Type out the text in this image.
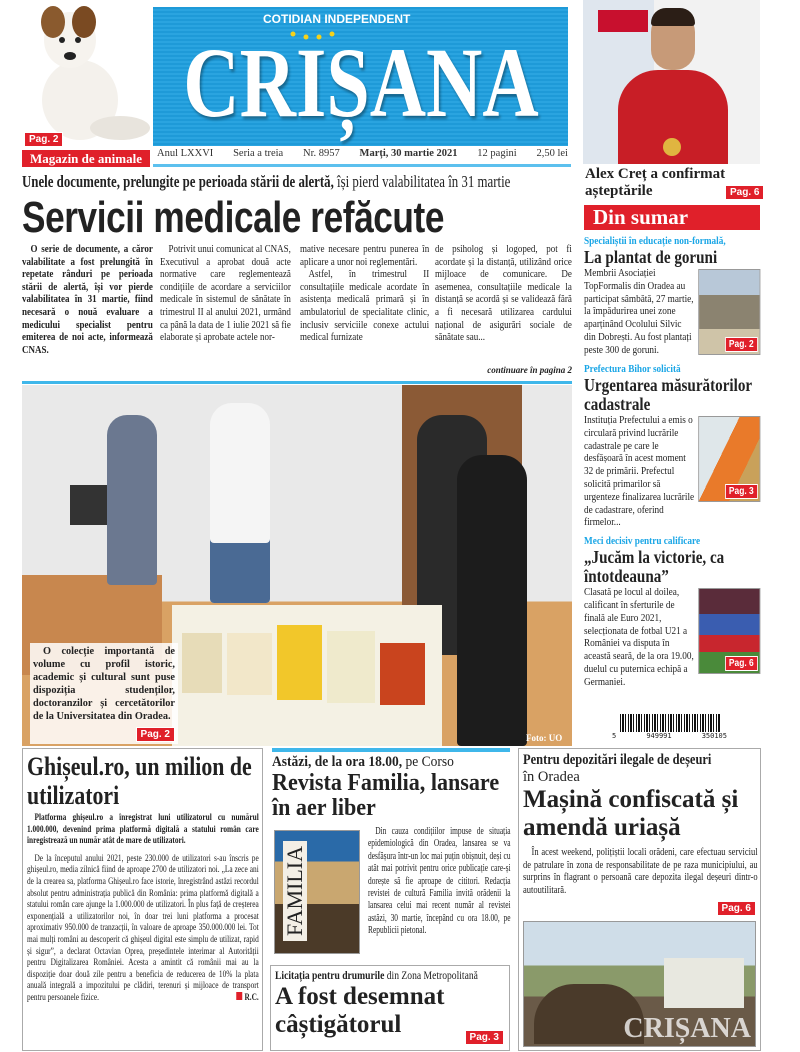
Pag. 2
Magazin de animale
COTIDIAN INDEPENDENT
CRIȘANA
Anul LXXVI Seria a treia Nr. 8957 Marți, 30 martie 2021 12 pagini 2,50 lei
Alex Creț a confirmat așteptările	Pag. 6
Unele documente, prelungite pe perioada stării de alertă, își pierd valabilitatea în 31 martie
Servicii medicale refăcute
O serie de documente, a căror valabilitate a fost prelungită în repetate rânduri pe perioada stării de alertă, își vor pierde valabilitatea în 31 martie, fiind necesară o nouă evaluare a medicului specialist pentru emiterea de noi acte, informează CNAS.
Potrivit unui comunicat al CNAS, Executivul a aprobat două acte normative care reglementează condițiile de acordare a serviciilor medicale în sistemul de sănătate în trimestrul II al anului 2021, urmând ca până la data de 1 iulie 2021 să fie elaborate și aprobate actele nor-

mative necesare pentru punerea în aplicare a unor noi reglementări.

Astfel, în trimestrul II consultațiile medicale acordate în asistența medicală primară și în ambulatoriul de specialitate clinic, inclusiv serviciile conexe actului medical furnizate

de psiholog și logoped, pot fi acordate și la distanță, utilizând orice mijloace de comunicare. De asemenea, consultațiile medicale la distanță se acordă și se validează fără a fi necesară utilizarea cardului național de asigurări sociale de sănătate sau...
continuare în pagina 2
O colecție importantă de volume cu profil istoric, academic și cultural sunt puse dispoziția studenților, doctoranzilor și cercetătorilor de la Universitatea din Oradea.
Pag. 2	Foto: UO
Din sumar
Specialiștii în educație non-formală,
La plantat de goruni
Pag. 2
Membrii Asociației TopFormalis din Oradea au participat sâmbătă, 27 martie, la împădurirea unei zone aparținând Ocolului Silvic din Dobrești. Au fost plantați peste 300 de goruni.
Prefectura Bihor solicită
Urgentarea măsurătorilor cadastrale
Pag. 3
Instituția Prefectului a emis o circulară privind lucrările cadastrale pe care le desfășoară în acest moment 32 de primării. Prefectul solicită primarilor să urgenteze finalizarea lucrările de cadastrare, oferind firmelor...
Meci decisiv pentru calificare
„Jucăm la victorie, ca întotdeauna”
Pag. 6
Clasată pe locul al doilea, calificant în sferturile de finală ale Euro 2021, selecționata de fotbal U21 a României va disputa în această seară, de la ora 19.00, duelul cu puternica echipă a Germaniei.
5	949991	350105
Ghișeul.ro, un milion de utilizatori
Platforma ghișeul.ro a înregistrat luni utilizatorul cu numărul 1.000.000, devenind prima platformă digitală a statului român care înregistrează un număr atât de mare de utilizatori.
De la începutul anului 2021, peste 230.000 de utilizatori s-au înscris pe ghișeul.ro, media zilnică fiind de aproape 2700 de utilizatori noi. „La zece ani de la crearea sa, platforma Ghișeul.ro face istorie, înregistrând astăzi recordul absolut pentru administrația publică din România: prima platformă digitală a statului român care ajunge la 1.000.000 de utilizatori. În plus față de creșterea exponențială a utilizatorilor noi, în doar trei luni platforma a procesat aproximativ 950.000 de tranzacții, în valoare de aproape 350.000.000 lei. Tot mai mulți români au descoperit că ghișeul digital este simplu de utilizat, rapid și sigur”, a declarat Octavian Oprea, președintele interimar al Autorității pentru Digitalizarea României. Acesta a amintit că românii mai au la dispoziție doar două zile pentru a beneficia de reducerea de 10% la plata anuală integrală a impozitului pe clădiri, terenuri și mijloace de transport pentru persoanele fizice.	R.C.
Astăzi, de la ora 18.00, pe Corso
Revista Familia, lansare în aer liber
FAMILIA
Din cauza condițiilor impuse de situația epidemiologică din Oradea, lansarea se va desfășura într-un loc mai puțin obișnuit, deși cu atât mai potrivit pentru orice publicație care-și dorește să fie aproape de cititori. Redacția revistei de cultură Familia invită orădenii la lansarea celui mai recent număr al revistei astăzi, 30 martie, începând cu ora 18.00, pe Republicii pietonal.
Licitația pentru drumurile din Zona Metropolitană
A fost desemnat câștigătorul	Pag. 3
Pentru depozitări ilegale de deșeuri
în Oradea
Mașină confiscată și amendă uriașă
În acest weekend, polițiștii locali orădeni, care efectuau serviciul de patrulare în zona de responsabilitate de pe raza municipiului, au surprins în flagrant o persoană care depozita ilegal deșeuri dintr-o autoutilitară.
Pag. 6
CRIȘANA
